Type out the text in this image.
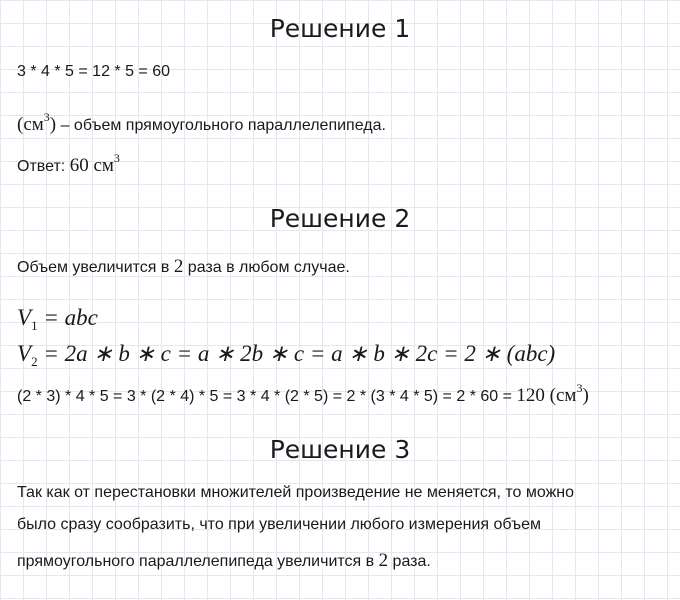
Решение 1
3 * 4 * 5 = 12 * 5 = 60
$(см^3)$ – объем прямоугольного параллелепипеда.
Ответ: 60 $см^3$
Решение 2
Объем увеличится в 2 раза в любом случае.
$V_1$ = abc
$V_2 = 2a$ ∗ b ∗ c = a ∗ 2b ∗ c = a ∗ b ∗ 2c = 2 ∗ (abc)
(2 * 3) * 4 * 5 = 3 * (2 * 4) * 5 = 3 * 4 * (2 * 5) = 2 * (3 * 4 * 5) = 2 * 60 = 120 $(см^3)$
Решение 3
Так как от перестановки множителей произведение не меняется, то можно
было сразу сообразить, что при увеличении любого измерения объем
прямоугольного параллелепипеда увеличится в 2 раза.
